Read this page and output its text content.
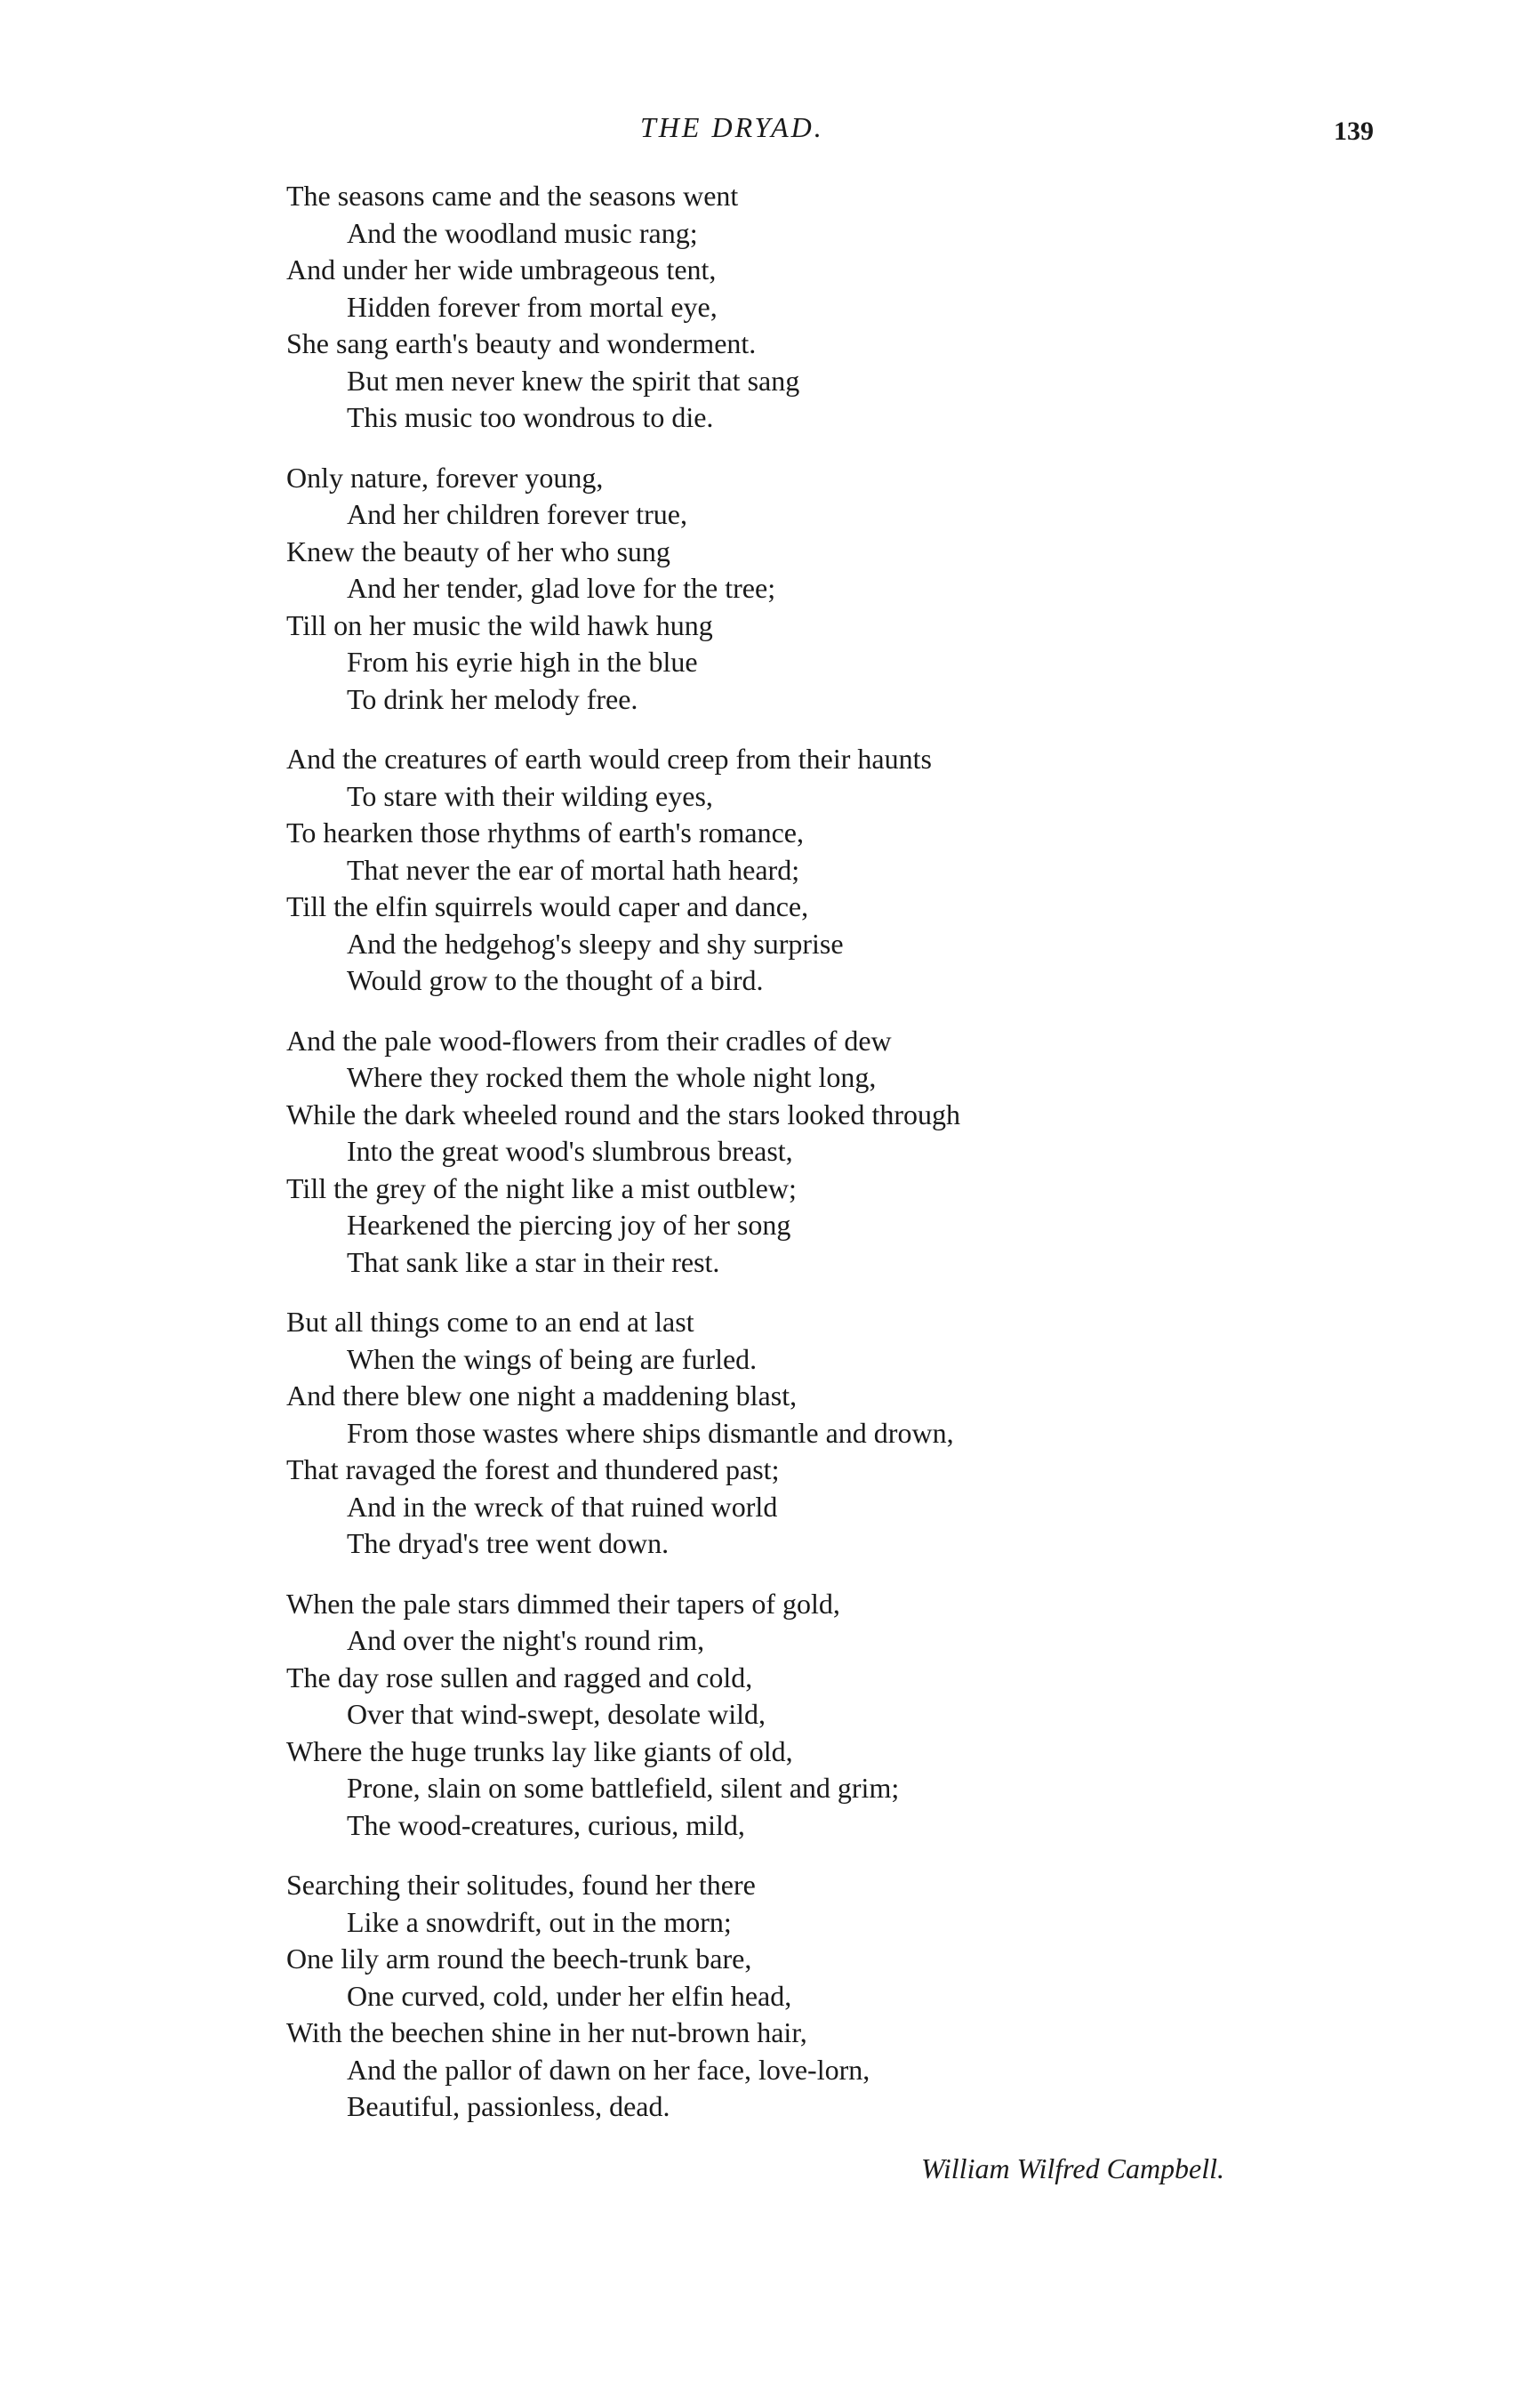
THE DRYAD.	139
The seasons came and the seasons went
And the woodland music rang;
And under her wide umbrageous tent,
Hidden forever from mortal eye,
She sang earth's beauty and wonderment.
But men never knew the spirit that sang
This music too wondrous to die.
Only nature, forever young,
And her children forever true,
Knew the beauty of her who sung
And her tender, glad love for the tree;
Till on her music the wild hawk hung
From his eyrie high in the blue
To drink her melody free.
And the creatures of earth would creep from their haunts
To stare with their wilding eyes,
To hearken those rhythms of earth's romance,
That never the ear of mortal hath heard;
Till the elfin squirrels would caper and dance,
And the hedgehog's sleepy and shy surprise
Would grow to the thought of a bird.
And the pale wood-flowers from their cradles of dew
Where they rocked them the whole night long,
While the dark wheeled round and the stars looked through
Into the great wood's slumbrous breast,
Till the grey of the night like a mist outblew;
Hearkened the piercing joy of her song
That sank like a star in their rest.
But all things come to an end at last
When the wings of being are furled.
And there blew one night a maddening blast,
From those wastes where ships dismantle and drown,
That ravaged the forest and thundered past;
And in the wreck of that ruined world
The dryad's tree went down.
When the pale stars dimmed their tapers of gold,
And over the night's round rim,
The day rose sullen and ragged and cold,
Over that wind-swept, desolate wild,
Where the huge trunks lay like giants of old,
Prone, slain on some battlefield, silent and grim;
The wood-creatures, curious, mild,
Searching their solitudes, found her there
Like a snowdrift, out in the morn;
One lily arm round the beech-trunk bare,
One curved, cold, under her elfin head,
With the beechen shine in her nut-brown hair,
And the pallor of dawn on her face, love-lorn,
Beautiful, passionless, dead.
William Wilfred Campbell.
